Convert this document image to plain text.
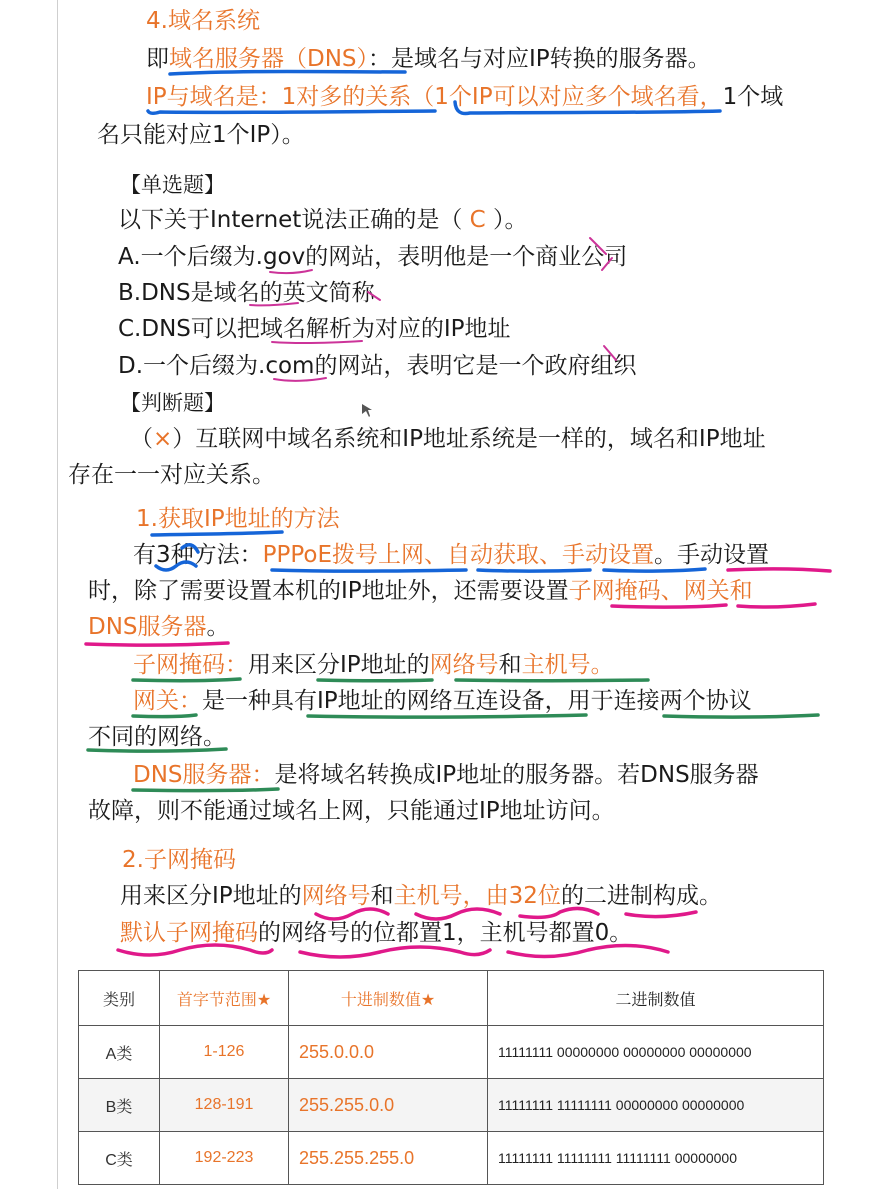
4.域名系统
即域名服务器（DNS）：是域名与对应IP转换的服务器。
IP与域名是：1对多的关系（1个IP可以对应多个域名看，1个域
名只能对应1个IP）。
【单选题】
以下关于Internet说法正确的是（ C ）。
A.一个后缀为.gov的网站，表明他是一个商业公司
B.DNS是域名的英文简称
C.DNS可以把域名解析为对应的IP地址
D.一个后缀为.com的网站，表明它是一个政府组织
【判断题】
（×）互联网中域名系统和IP地址系统是一样的，域名和IP地址
存在一一对应关系。
1.获取IP地址的方法
有3种方法：PPPoE拨号上网、自动获取、手动设置。手动设置
时，除了需要设置本机的IP地址外，还需要设置子网掩码、网关和
DNS服务器。
子网掩码：用来区分IP地址的网络号和主机号。
网关：是一种具有IP地址的网络互连设备，用于连接两个协议
不同的网络。
DNS服务器：是将域名转换成IP地址的服务器。若DNS服务器
故障，则不能通过域名上网，只能通过IP地址访问。
2.子网掩码
用来区分IP地址的网络号和主机号，由32位的二进制构成。
默认子网掩码的网络号的位都置1，主机号都置0。
类别	首字节范围★	十进制数值★	二进制数值
A类	1-126	255.0.0.0	11111111 00000000 00000000 00000000
B类	128-191	255.255.0.0	11111111 11111111 00000000 00000000
C类	192-223	255.255.255.0	11111111 11111111 11111111 00000000
